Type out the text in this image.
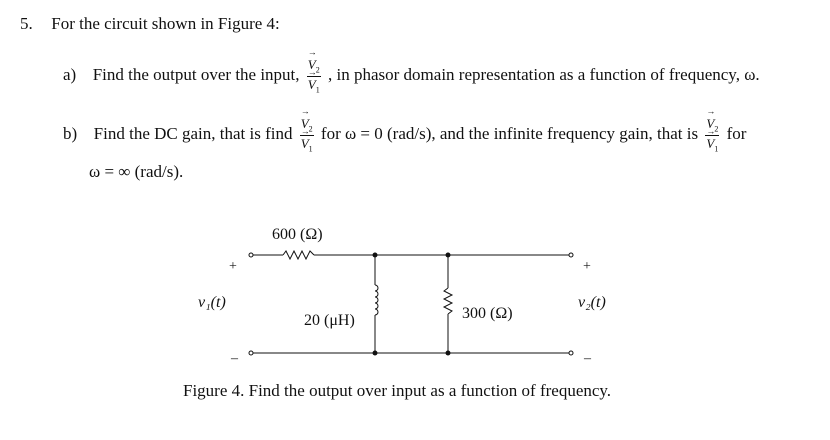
5. For the circuit shown in Figure 4:
a) Find the output over the input, → $V_2$
→ $V_1$ , in phasor domain representation as a function of frequency, ω.
b) Find the DC gain, that is find → $V_2$
→ $V_1$ for ω = 0 (rad/s), and the infinite frequency gain, that is → $V_2$
→ $V_1$ for
ω = ∞ (rad/s).
600 (Ω)
20 (μH)	300 (Ω)
v₁(t)	v₂(t)
+
–
+
–
Figure 4. Find the output over input as a function of frequency.
